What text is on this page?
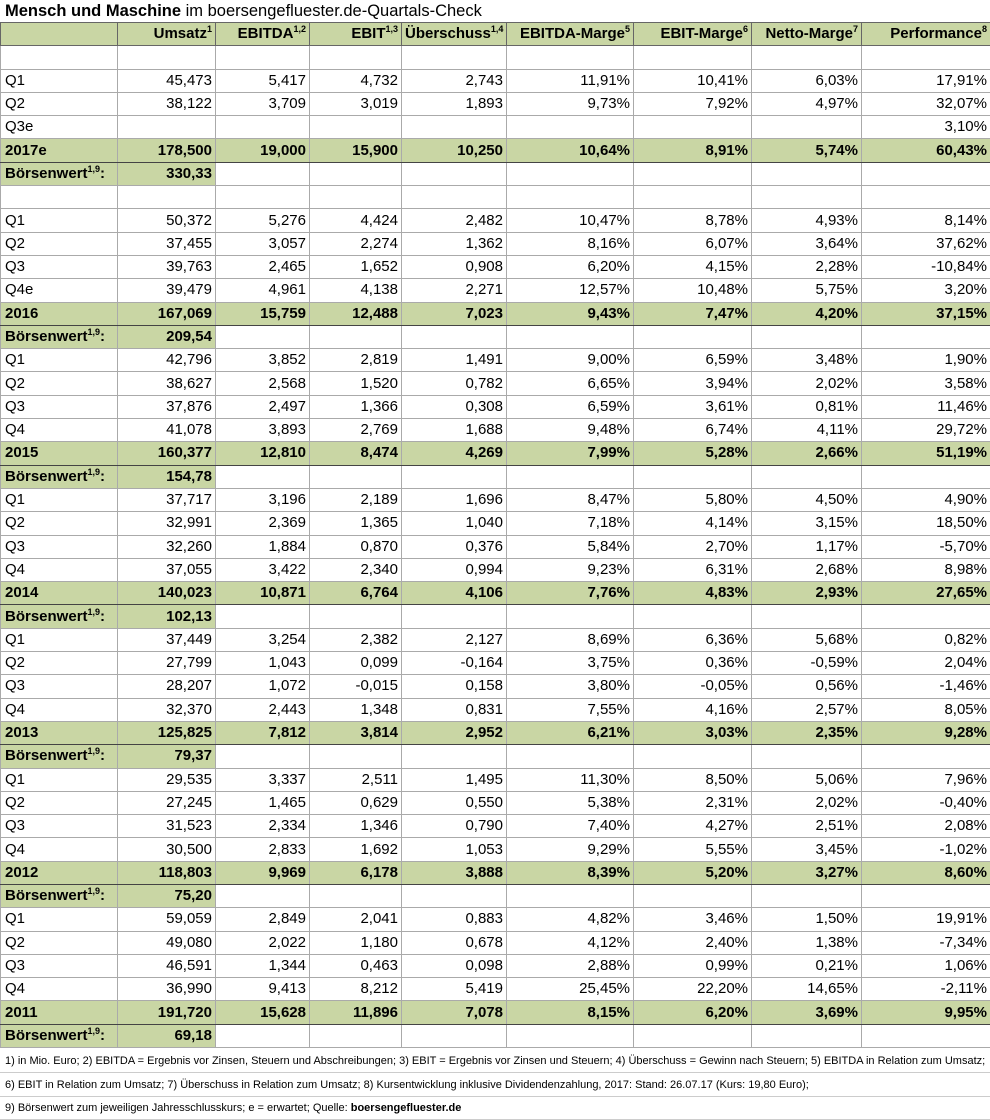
Mensch und Maschine im boersengefluester.de-Quartals-Check
	Umsatz$^1$	EBITDA$^{1,2}$	EBIT$^{1,3}$	Überschuss$^{1,4}$	EBITDA-Marge$^5$	EBIT-Marge$^6$	Netto-Marge$^7$	Performance$^8$

Q1	45,473	5,417	4,732	2,743	11,91%	10,41%	6,03%	17,91%
Q2	38,122	3,709	3,019	1,893	9,73%	7,92%	4,97%	32,07%
Q3e								3,10%
2017e	178,500	19,000	15,900	10,250	10,64%	8,91%	5,74%	60,43%
Börsenwert$^{1,9}$:	330,33							

Q1	50,372	5,276	4,424	2,482	10,47%	8,78%	4,93%	8,14%
Q2	37,455	3,057	2,274	1,362	8,16%	6,07%	3,64%	37,62%
Q3	39,763	2,465	1,652	0,908	6,20%	4,15%	2,28%	-10,84%
Q4e	39,479	4,961	4,138	2,271	12,57%	10,48%	5,75%	3,20%
2016	167,069	15,759	12,488	7,023	9,43%	7,47%	4,20%	37,15%
Börsenwert$^{1,9}$:	209,54							
Q1	42,796	3,852	2,819	1,491	9,00%	6,59%	3,48%	1,90%
Q2	38,627	2,568	1,520	0,782	6,65%	3,94%	2,02%	3,58%
Q3	37,876	2,497	1,366	0,308	6,59%	3,61%	0,81%	11,46%
Q4	41,078	3,893	2,769	1,688	9,48%	6,74%	4,11%	29,72%
2015	160,377	12,810	8,474	4,269	7,99%	5,28%	2,66%	51,19%
Börsenwert$^{1,9}$:	154,78							
Q1	37,717	3,196	2,189	1,696	8,47%	5,80%	4,50%	4,90%
Q2	32,991	2,369	1,365	1,040	7,18%	4,14%	3,15%	18,50%
Q3	32,260	1,884	0,870	0,376	5,84%	2,70%	1,17%	-5,70%
Q4	37,055	3,422	2,340	0,994	9,23%	6,31%	2,68%	8,98%
2014	140,023	10,871	6,764	4,106	7,76%	4,83%	2,93%	27,65%
Börsenwert$^{1,9}$:	102,13							
Q1	37,449	3,254	2,382	2,127	8,69%	6,36%	5,68%	0,82%
Q2	27,799	1,043	0,099	-0,164	3,75%	0,36%	-0,59%	2,04%
Q3	28,207	1,072	-0,015	0,158	3,80%	-0,05%	0,56%	-1,46%
Q4	32,370	2,443	1,348	0,831	7,55%	4,16%	2,57%	8,05%
2013	125,825	7,812	3,814	2,952	6,21%	3,03%	2,35%	9,28%
Börsenwert$^{1,9}$:	79,37							
Q1	29,535	3,337	2,511	1,495	11,30%	8,50%	5,06%	7,96%
Q2	27,245	1,465	0,629	0,550	5,38%	2,31%	2,02%	-0,40%
Q3	31,523	2,334	1,346	0,790	7,40%	4,27%	2,51%	2,08%
Q4	30,500	2,833	1,692	1,053	9,29%	5,55%	3,45%	-1,02%
2012	118,803	9,969	6,178	3,888	8,39%	5,20%	3,27%	8,60%
Börsenwert$^{1,9}$:	75,20							
Q1	59,059	2,849	2,041	0,883	4,82%	3,46%	1,50%	19,91%
Q2	49,080	2,022	1,180	0,678	4,12%	2,40%	1,38%	-7,34%
Q3	46,591	1,344	0,463	0,098	2,88%	0,99%	0,21%	1,06%
Q4	36,990	9,413	8,212	5,419	25,45%	22,20%	14,65%	-2,11%
2011	191,720	15,628	11,896	7,078	8,15%	6,20%	3,69%	9,95%
Börsenwert$^{1,9}$:	69,18							
1) in Mio. Euro; 2) EBITDA = Ergebnis vor Zinsen, Steuern und Abschreibungen; 3) EBIT = Ergebnis vor Zinsen und Steuern; 4) Überschuss = Gewinn nach Steuern; 5) EBITDA in Relation zum Umsatz;
6) EBIT in Relation zum Umsatz; 7) Überschuss in Relation zum Umsatz; 8) Kursentwicklung inklusive Dividendenzahlung, 2017: Stand: 26.07.17 (Kurs: 19,80 Euro);
9) Börsenwert zum jeweiligen Jahresschlusskurs; e = erwartet; Quelle: boersengefluester.de
